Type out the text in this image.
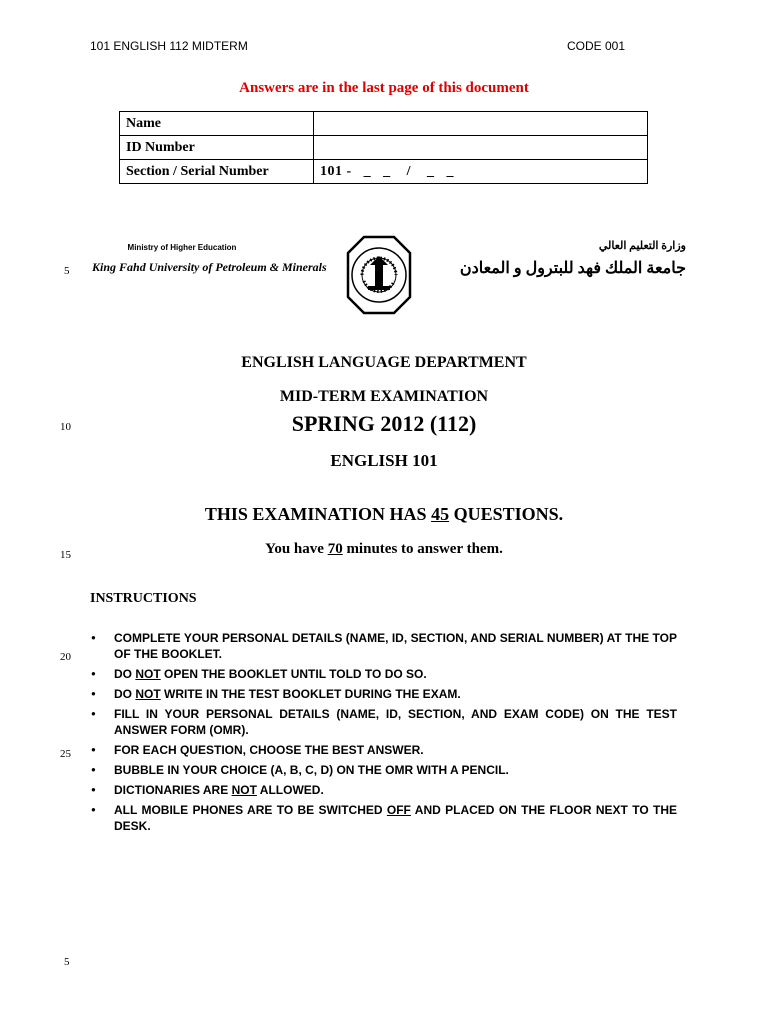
101 ENGLISH 112 MIDTERM	CODE 001
Answers are in the last page of this document
Name	
ID Number	
Section / Serial Number	101 -   _   _    /    _   _
5
10
15
20
25
5
Ministry of Higher Education
King Fahd University of Petroleum & Minerals
وزارة التعليم العالي
جامعة الملك فهد للبترول و المعادن
ENGLISH LANGUAGE DEPARTMENT
MID-TERM EXAMINATION
SPRING 2012 (112)
ENGLISH 101
THIS EXAMINATION HAS 45 QUESTIONS.
You have 70 minutes to answer them.
INSTRUCTIONS
● COMPLETE YOUR PERSONAL DETAILS (NAME, ID, SECTION, AND SERIAL NUMBER) AT THE TOP OF THE BOOKLET.
● DO NOT OPEN THE BOOKLET UNTIL TOLD TO DO SO.
● DO NOT WRITE IN THE TEST BOOKLET DURING THE EXAM.
● FILL IN YOUR PERSONAL DETAILS (NAME, ID, SECTION, AND EXAM CODE) ON THE TEST ANSWER FORM (OMR).
● FOR EACH QUESTION, CHOOSE THE BEST ANSWER.
● BUBBLE IN YOUR CHOICE (A, B, C, D) ON THE OMR WITH A PENCIL.
● DICTIONARIES ARE NOT ALLOWED.
● ALL MOBILE PHONES ARE TO BE SWITCHED OFF AND PLACED ON THE FLOOR NEXT TO THE DESK.
